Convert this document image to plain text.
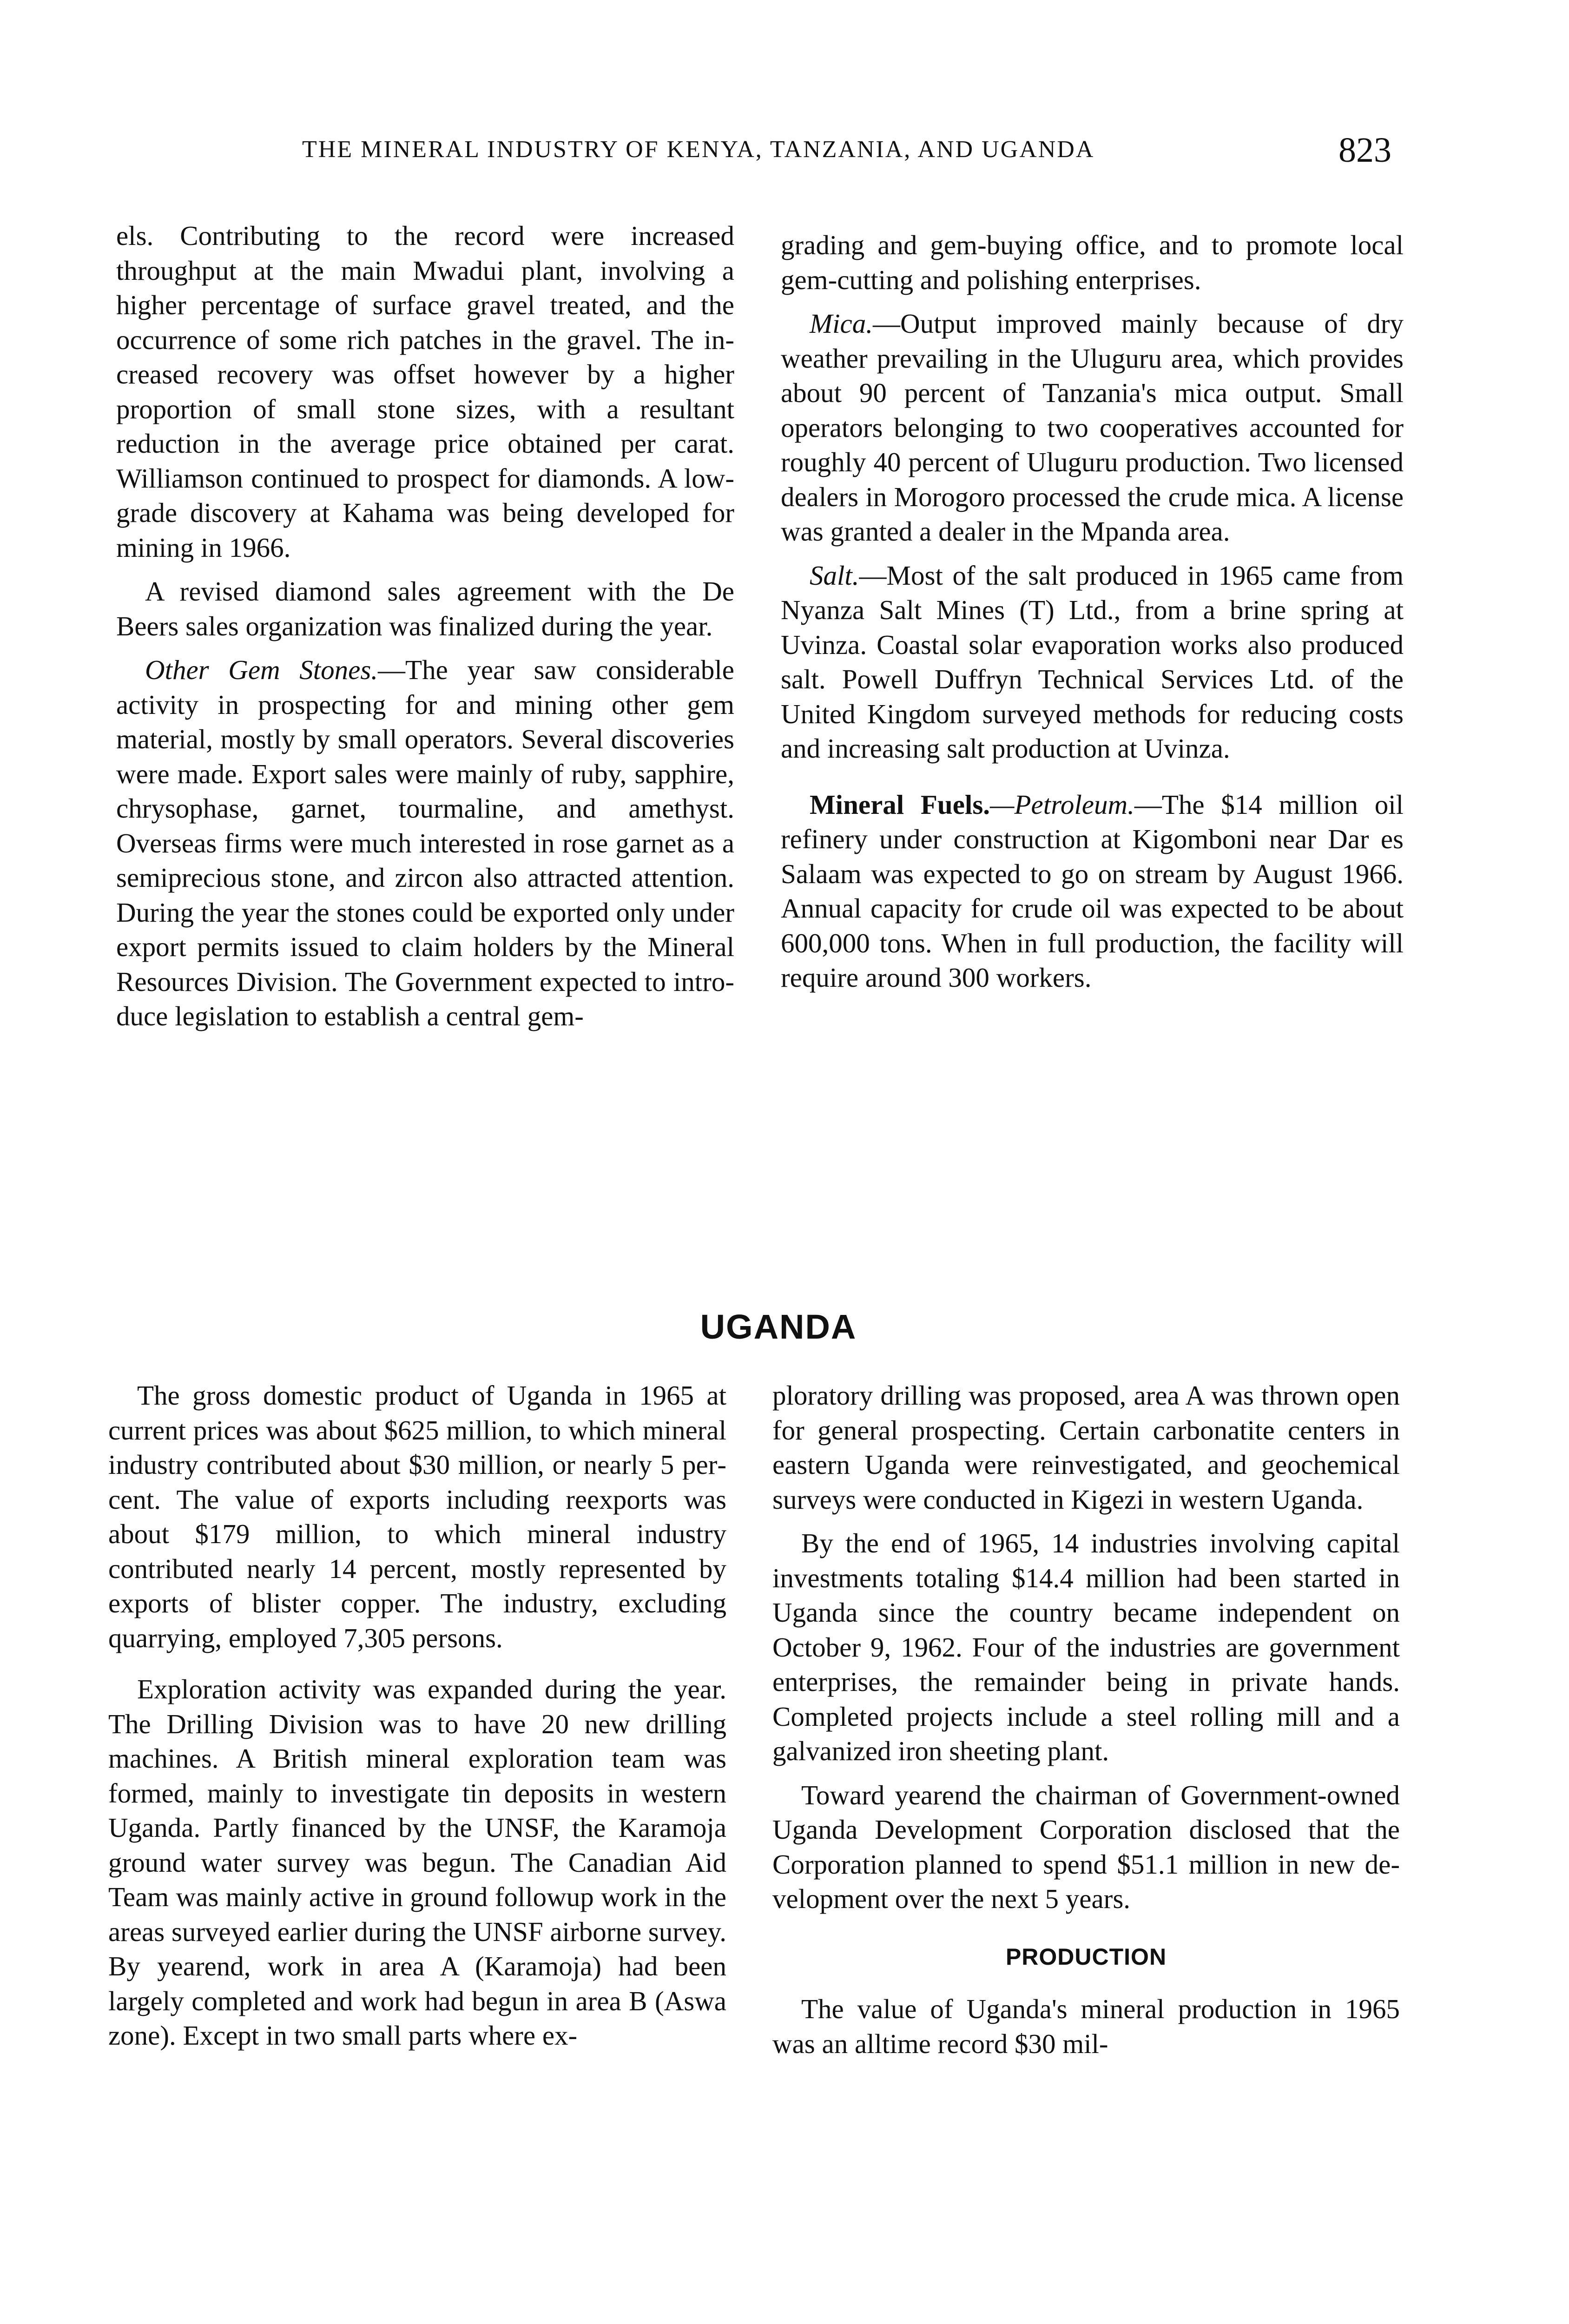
THE MINERAL INDUSTRY OF KENYA, TANZANIA, AND UGANDA	823

els. Contributing to the record were increased throughput at the main Mwadui plant, involving a higher percentage of surface gravel treated, and the occurrence of some rich patches in the gravel. The increased recovery was offset however by a higher proportion of small stone sizes, with a resultant reduction in the average price obtained per carat. Williamson continued to prospect for diamonds. A low-grade discovery at Kahama was being developed for mining in 1966.

A revised diamond sales agreement with the De Beers sales organization was finalized during the year.

Other Gem Stones.—The year saw considerable activity in prospecting for and mining other gem material, mostly by small operators. Several discoveries were made. Export sales were mainly of ruby, sapphire, chrysophase, garnet, tourmaline, and amethyst. Overseas firms were much interested in rose garnet as a semiprecious stone, and zircon also attracted attention. During the year the stones could be exported only under export permits issued to claim holders by the Mineral Resources Division. The Government expected to introduce legislation to establish a central gem-

grading and gem-buying office, and to promote local gem-cutting and polishing enterprises.

Mica.—Output improved mainly because of dry weather prevailing in the Uluguru area, which provides about 90 percent of Tanzania's mica output. Small operators belonging to two cooperatives accounted for roughly 40 percent of Uluguru production. Two licensed dealers in Morogoro processed the crude mica. A license was granted a dealer in the Mpanda area.

Salt.—Most of the salt produced in 1965 came from Nyanza Salt Mines (T) Ltd., from a brine spring at Uvinza. Coastal solar evaporation works also produced salt. Powell Duffryn Technical Services Ltd. of the United Kingdom surveyed methods for reducing costs and increasing salt production at Uvinza.

Mineral Fuels.—Petroleum.—The $14 million oil refinery under construction at Kigomboni near Dar es Salaam was expected to go on stream by August 1966. Annual capacity for crude oil was expected to be about 600,000 tons. When in full production, the facility will require around 300 workers.

UGANDA

The gross domestic product of Uganda in 1965 at current prices was about $625 million, to which mineral industry contributed about $30 million, or nearly 5 percent. The value of exports including reexports was about $179 million, to which mineral industry contributed nearly 14 percent, mostly represented by exports of blister copper. The industry, excluding quarrying, employed 7,305 persons.

Exploration activity was expanded during the year. The Drilling Division was to have 20 new drilling machines. A British mineral exploration team was formed, mainly to investigate tin deposits in western Uganda. Partly financed by the UNSF, the Karamoja ground water survey was begun. The Canadian Aid Team was mainly active in ground followup work in the areas surveyed earlier during the UNSF airborne survey. By yearend, work in area A (Karamoja) had been largely completed and work had begun in area B (Aswa zone). Except in two small parts where ex-

ploratory drilling was proposed, area A was thrown open for general prospecting. Certain carbonatite centers in eastern Uganda were reinvestigated, and geochemical surveys were conducted in Kigezi in western Uganda.

By the end of 1965, 14 industries involving capital investments totaling $14.4 million had been started in Uganda since the country became independent on October 9, 1962. Four of the industries are government enterprises, the remainder being in private hands. Completed projects include a steel rolling mill and a galvanized iron sheeting plant.

Toward yearend the chairman of Government-owned Uganda Development Corporation disclosed that the Corporation planned to spend $51.1 million in new development over the next 5 years.

PRODUCTION

The value of Uganda's mineral production in 1965 was an alltime record $30 mil-
